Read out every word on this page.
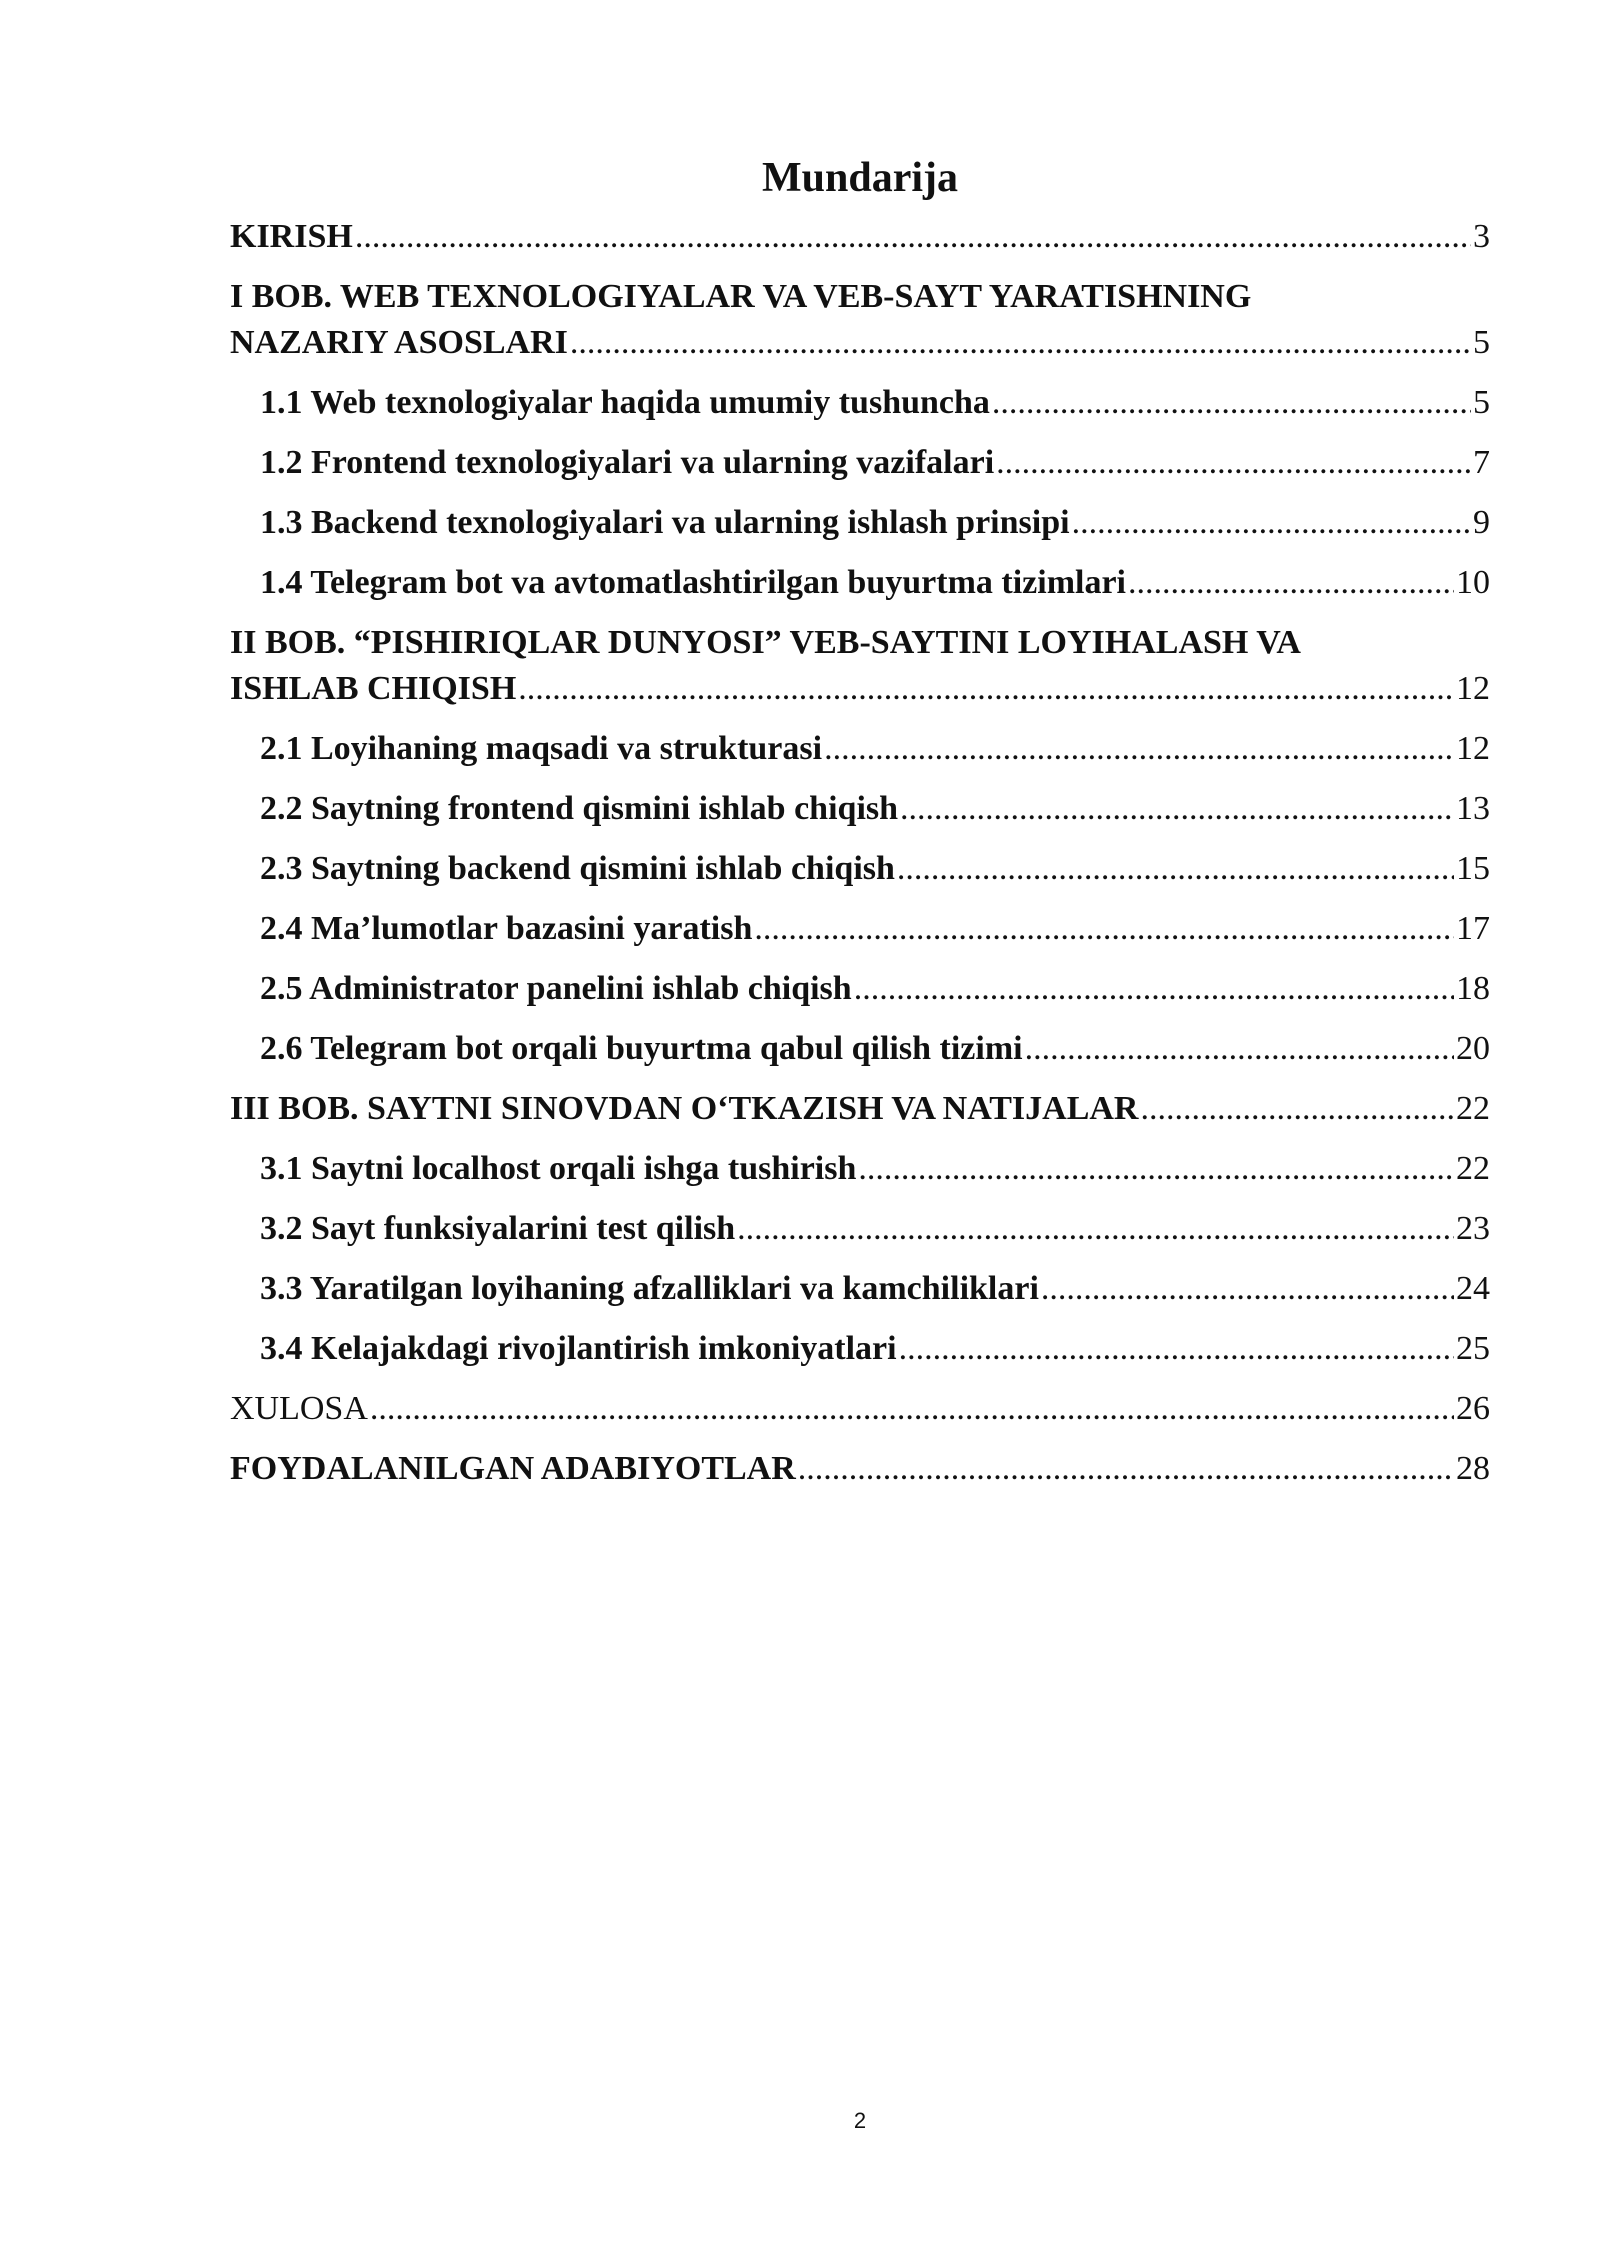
Mundarija
KIRISH .....	3
I BOB. WEB TEXNOLOGIYALAR VA VEB-SAYT YARATISHNING
NAZARIY ASOSLARI .....	5
1.1 Web texnologiyalar haqida umumiy tushuncha .....	5
1.2 Frontend texnologiyalari va ularning vazifalari .....	7
1.3 Backend texnologiyalari va ularning ishlash prinsipi .....	9
1.4 Telegram bot va avtomatlashtirilgan buyurtma tizimlari .....	10
II BOB. “PISHIRIQLAR DUNYOSI” VEB-SAYTINI LOYIHALASH VA
ISHLAB CHIQISH .....	12
2.1 Loyihaning maqsadi va strukturasi .....	12
2.2 Saytning frontend qismini ishlab chiqish .....	13
2.3 Saytning backend qismini ishlab chiqish .....	15
2.4 Ma’lumotlar bazasini yaratish .....	17
2.5 Administrator panelini ishlab chiqish .....	18
2.6 Telegram bot orqali buyurtma qabul qilish tizimi .....	20
III BOB. SAYTNI SINOVDAN O‘TKAZISH VA NATIJALAR .....	22
3.1 Saytni localhost orqali ishga tushirish .....	22
3.2 Sayt funksiyalarini test qilish .....	23
3.3 Yaratilgan loyihaning afzalliklari va kamchiliklari .....	24
3.4 Kelajakdagi rivojlantirish imkoniyatlari .....	25
XULOSA .....	26
FOYDALANILGAN ADABIYOTLAR .....	28
2
